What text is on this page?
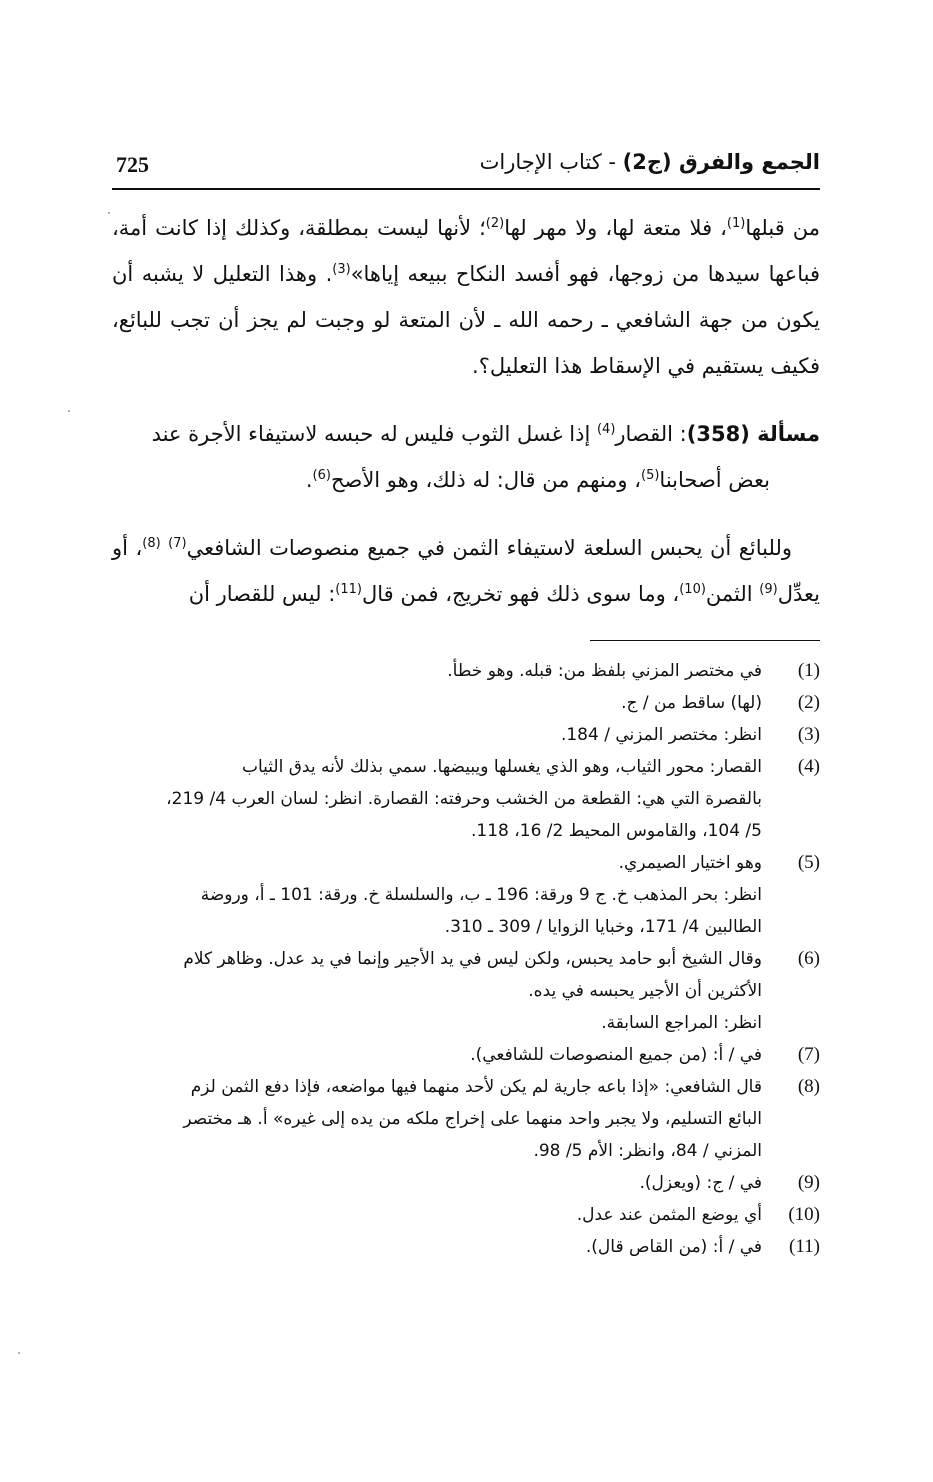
725	الجمع والفرق (ج2) - كتاب الإجارات

من قبلها$^{(1)}$، فلا متعة لها، ولا مهر لها$^{(2)}$؛ لأنها ليست بمطلقة، وكذلك إذا كانت أمة، فباعها سيدها من زوجها، فهو أفسد النكاح ببيعه إياها»$^{(3)}$. وهذا التعليل لا يشبه أن يكون من جهة الشافعي ـ رحمه الله ـ لأن المتعة لو وجبت لم يجز أن تجب للبائع، فكيف يستقيم في الإسقاط هذا التعليل؟.

مسألة (358): القصار$^{(4)}$ إذا غسل الثوب فليس له حبسه لاستيفاء الأجرة عند
بعض أصحابنا$^{(5)}$، ومنهم من قال: له ذلك، وهو الأصح$^{(6)}$.

وللبائع أن يحبس السلعة لاستيفاء الثمن في جميع منصوصات الشافعي$^{(7)}$ $^{(8)}$، أو يعدِّل$^{(9)}$ الثمن$^{(10)}$، وما سوى ذلك فهو تخريج، فمن قال$^{(11)}$: ليس للقصار أن

(1)
في مختصر المزني بلفظ من: قبله. وهو خطأ.
(2)
(لها) ساقط من / ج.
(3)
انظر: مختصر المزني / 184.
(4)
القصار: محور الثياب، وهو الذي يغسلها ويبيضها. سمي بذلك لأنه يدق الثياب
بالقصرة التي هي: القطعة من الخشب وحرفته: القصارة. انظر: لسان العرب 4/ 219،
5/ 104، والقاموس المحيط 2/ 16، 118.
(5)
وهو اختيار الصيمري.
انظر: بحر المذهب خ. ج 9 ورقة: 196 ـ ب، والسلسلة خ. ورقة: 101 ـ أ، وروضة
الطالبين 4/ 171، وخبايا الزوايا / 309 ـ 310.
(6)
وقال الشيخ أبو حامد يحبس، ولكن ليس في يد الأجير وإنما في يد عدل. وظاهر كلام
الأكثرين أن الأجير يحبسه في يده.
انظر: المراجع السابقة.
(7)
في / أ: (من جميع المنصوصات للشافعي).
(8)
قال الشافعي: «إذا باعه جارية لم يكن لأحد منهما فيها مواضعه، فإذا دفع الثمن لزم
البائع التسليم، ولا يجبر واحد منهما على إخراج ملكه من يده إلى غيره» أ. هـ مختصر
المزني / 84، وانظر: الأم 5/ 98.
(9)
في / ج: (ويعزل).
(10)
أي يوضع المثمن عند عدل.
(11)
في / أ: (من القاص قال).
